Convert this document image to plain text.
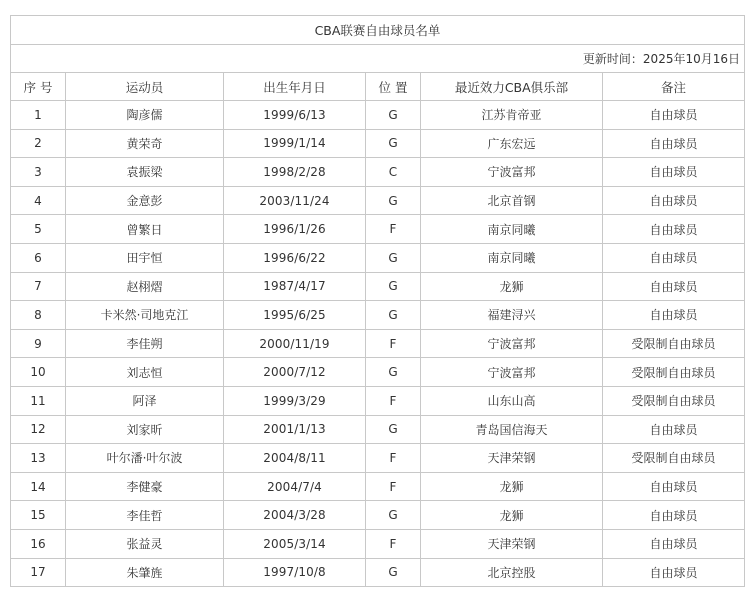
CBA联赛自由球员名单					
更新时间：2025年10月16日					
序 号	运动员	出生年月日	位 置	最近效力CBA俱乐部	备注
1	陶彦儒	1999/6/13	G	江苏肯帝亚	自由球员
2	黄荣奇	1999/1/14	G	广东宏远	自由球员
3	袁振梁	1998/2/28	C	宁波富邦	自由球员
4	金意彭	2003/11/24	G	北京首钢	自由球员
5	曾繁日	1996/1/26	F	南京同曦	自由球员
6	田宇恒	1996/6/22	G	南京同曦	自由球员
7	赵栩熠	1987/4/17	G	龙狮	自由球员
8	卡米然·司地克江	1995/6/25	G	福建浔兴	自由球员
9	李佳朔	2000/11/19	F	宁波富邦	受限制自由球员
10	刘志恒	2000/7/12	G	宁波富邦	受限制自由球员
11	阿泽	1999/3/29	F	山东山高	受限制自由球员
12	刘家昕	2001/1/13	G	青岛国信海天	自由球员
13	叶尔潘·叶尔波	2004/8/11	F	天津荣钢	受限制自由球员
14	李健豪	2004/7/4	F	龙狮	自由球员
15	李佳哲	2004/3/28	G	龙狮	自由球员
16	张益灵	2005/3/14	F	天津荣钢	自由球员
17	朱肇旌	1997/10/8	G	北京控股	自由球员
